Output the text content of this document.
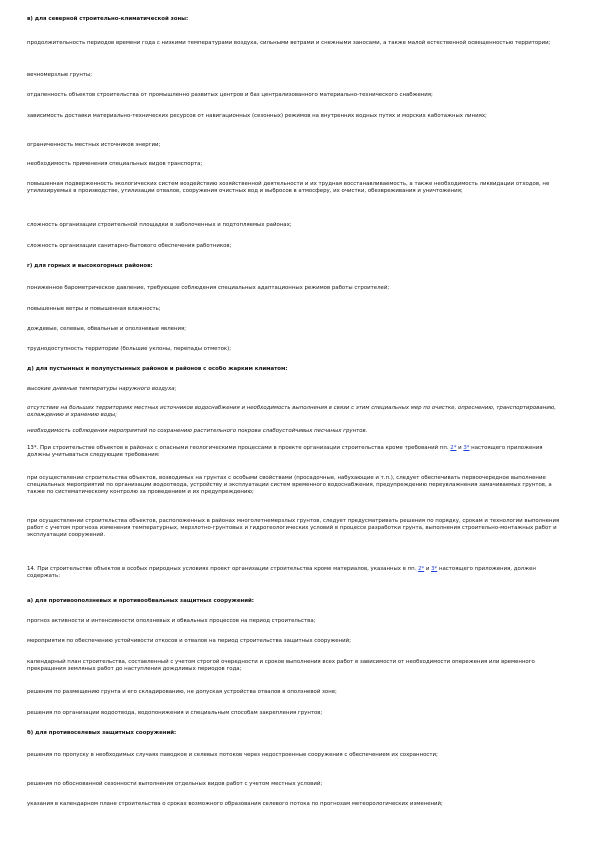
в) для северной строительно-климатической зоны:
продолжительность периодов времени года с низкими температурами воздуха, сильными ветрами и снежными заносами, а также малой естественной освещенностью территории;
вечномерзлые грунты;
отдаленность объектов строительства от промышленно развитых центров и баз централизованного материально-технического снабжения;
зависимость доставки материально-технических ресурсов от навигационных (сезонных) режимов на внутренних водных путях и морских каботажных линиях;
ограниченность местных источников энергии;
необходимость применения специальных видов транспорта;
повышенная подверженность экологических систем воздействию хозяйственной деятельности и их трудная восстанавливаемость, а также необходимость ликвидации отходов, не утилизируемых в производстве, утилизации отвалов, сооружения очистных вод и выбросов в атмосферу, их очистки, обезвреживания и уничтожения;
сложность организации строительной площадки в заболоченных и подтопляемых районах;
сложность организации санитарно-бытового обеспечения работников;
г) для горных и высокогорных районов:
пониженное барометрическое давление, требующее соблюдения специальных адаптационных режимов работы строителей;
повышенные ветры и повышенная влажность;
дождевые, селевые, обвальные и оползневые явления;
труднодоступность территории (большие уклоны, перепады отметок);
д) для пустынных и полупустынных районов и районов с особо жарким климатом:
высокие дневные температуры наружного воздуха;
отсутствие на больших территориях местных источников водоснабжения и необходимость выполнения в связи с этим специальных мер по очистке, опреснению, транспортированию, охлаждению и хранению воды;
необходимость соблюдения мероприятий по сохранению растительного покрова слабоустойчивых песчаных грунтов.
13*. При строительстве объектов в районах с опасными геологическими процессами в проекте организации строительства кроме требований пп. 2* и 3* настоящего приложения должны учитываться следующие требования:
при осуществлении строительства объектов, возводимых на грунтах с особыми свойствами (просадочные, набухающие и т.п.), следует обеспечивать первоочередное выполнение специальных мероприятий по организации водоотвода, устройству и эксплуатации систем временного водоснабжения, предупреждению переувлажнения замачиваемых грунтов, а также по систематическому контролю за проведением и их предупреждению;
при осуществлении строительства объектов, расположенных в районах многолетнемерзлых грунтов, следует предусматривать решения по порядку, срокам и технологии выполнения работ с учетом прогноза изменения температурных, мерзлотно-грунтовых и гидрогеологических условий в процессе разработки грунта, выполнения строительно-монтажных работ и эксплуатации сооружений.
14. При строительстве объектов в особых природных условиях проект организации строительства кроме материалов, указанных в пп. 2* и 3* настоящего приложения, должен содержать:
а) для противооползневых и противообвальных защитных сооружений:
прогноз активности и интенсивности оползневых и обвальных процессов на период строительства;
мероприятия по обеспечению устойчивости откосов и отвалов на период строительства защитных сооружений;
календарный план строительства, составленный с учетом строгой очередности и сроков выполнения всех работ в зависимости от необходимости опережения или временного прекращения земляных работ до наступления дождливых периодов года;
решения по размещению грунта и его складированию, не допуская устройства отвалов в оползневой зоне;
решения по организации водоотвода, водопонижения и специальным способам закрепления грунтов;
б) для противоселевых защитных сооружений:
решения по пропуску в необходимых случаях паводков и селевых потоков через недостроенные сооружения с обеспечением их сохранности;
решения по обоснованной сезонности выполнения отдельных видов работ с учетом местных условий;
указания в календарном плане строительства о сроках возможного образования селевого потока по прогнозам метеорологических изменений;
